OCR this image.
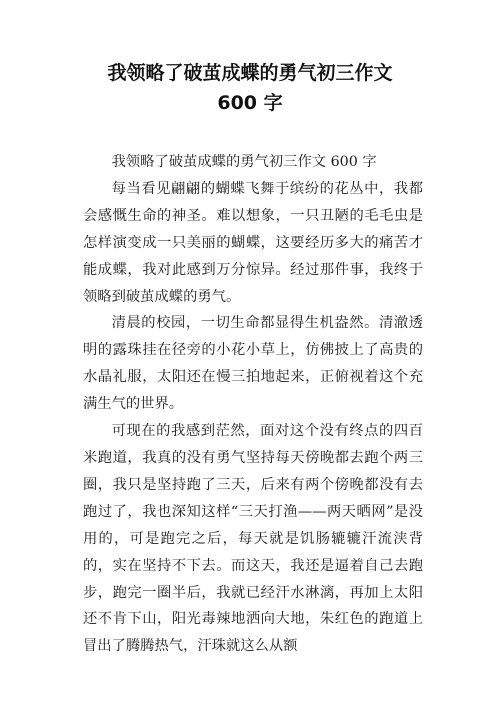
我领略了破茧成蝶的勇气初三作文
600 字

我领略了破茧成蝶的勇气初三作文 600 字

每当看见翩翩的蝴蝶飞舞于缤纷的花丛中，我都会感慨生命的神圣。难以想象，一只丑陋的毛毛虫是怎样演变成一只美丽的蝴蝶，这要经历多大的痛苦才能成蝶，我对此感到万分惊异。经过那件事，我终于领略到破茧成蝶的勇气。

清晨的校园，一切生命都显得生机盎然。清澈透明的露珠挂在径旁的小花小草上，仿佛披上了高贵的水晶礼服，太阳还在慢三拍地起来，正俯视着这个充满生气的世界。

可现在的我感到茫然，面对这个没有终点的四百米跑道，我真的没有勇气坚持每天傍晚都去跑个两三圈，我只是坚持跑了三天，后来有两个傍晚都没有去跑过了，我也深知这样“三天打渔——两天晒网”是没用的，可是跑完之后，每天就是饥肠辘辘汗流浃背的，实在坚持不下去。而这天，我还是逼着自己去跑步，跑完一圈半后，我就已经汗水淋漓，再加上太阳还不肯下山，阳光毒辣地洒向大地，朱红色的跑道上冒出了腾腾热气，汗珠就这么从额
